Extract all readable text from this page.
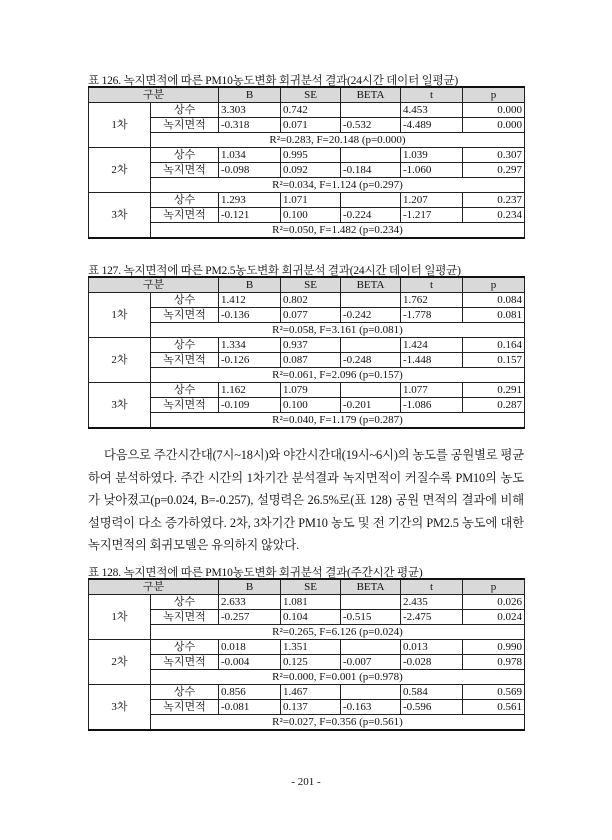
표 126. 녹지면적에 따른 PM10농도변화 회귀분석 결과(24시간 데이터 일평균)
구분		B	SE	BETA	t	p
1차	상수	3.303	0.742		4.453	0.000
	녹지면적	-0.318	0.071	-0.532	-4.489	0.000
	R²=0.283, F=20.148 (p=0.000)					
2차	상수	1.034	0.995		1.039	0.307
	녹지면적	-0.098	0.092	-0.184	-1.060	0.297
	R²=0.034, F=1.124 (p=0.297)					
3차	상수	1.293	1.071		1.207	0.237
	녹지면적	-0.121	0.100	-0.224	-1.217	0.234
	R²=0.050, F=1.482 (p=0.234)					
표 127. 녹지면적에 따른 PM2.5농도변화 회귀분석 결과(24시간 데이터 일평균)
구분		B	SE	BETA	t	p
1차	상수	1.412	0.802		1.762	0.084
	녹지면적	-0.136	0.077	-0.242	-1.778	0.081
	R²=0.058, F=3.161 (p=0.081)					
2차	상수	1.334	0.937		1.424	0.164
	녹지면적	-0.126	0.087	-0.248	-1.448	0.157
	R²=0.061, F=2.096 (p=0.157)					
3차	상수	1.162	1.079		1.077	0.291
	녹지면적	-0.109	0.100	-0.201	-1.086	0.287
	R²=0.040, F=1.179 (p=0.287)					

다음으로 주간시간대(7시~18시)와 야간시간대(19시~6시)의 농도를 공원별로 평균하여 분석하였다. 주간 시간의 1차기간 분석결과 녹지면적이 커질수록 PM10의 농도가 낮아졌고(p=0.024, B=-0.257), 설명력은 26.5%로(표 128) 공원 면적의 결과에 비해 설명력이 다소 증가하였다. 2차, 3차기간 PM10 농도 및 전 기간의 PM2.5 농도에 대한 녹지면적의 회귀모델은 유의하지 않았다.

표 128. 녹지면적에 따른 PM10농도변화 회귀분석 결과(주간시간 평균)
구분		B	SE	BETA	t	p
1차	상수	2.633	1.081		2.435	0.026
	녹지면적	-0.257	0.104	-0.515	-2.475	0.024
	R²=0.265, F=6.126 (p=0.024)					
2차	상수	0.018	1.351		0.013	0.990
	녹지면적	-0.004	0.125	-0.007	-0.028	0.978
	R²=0.000, F=0.001 (p=0.978)					
3차	상수	0.856	1.467		0.584	0.569
	녹지면적	-0.081	0.137	-0.163	-0.596	0.561
	R²=0.027, F=0.356 (p=0.561)					
- 201 -
